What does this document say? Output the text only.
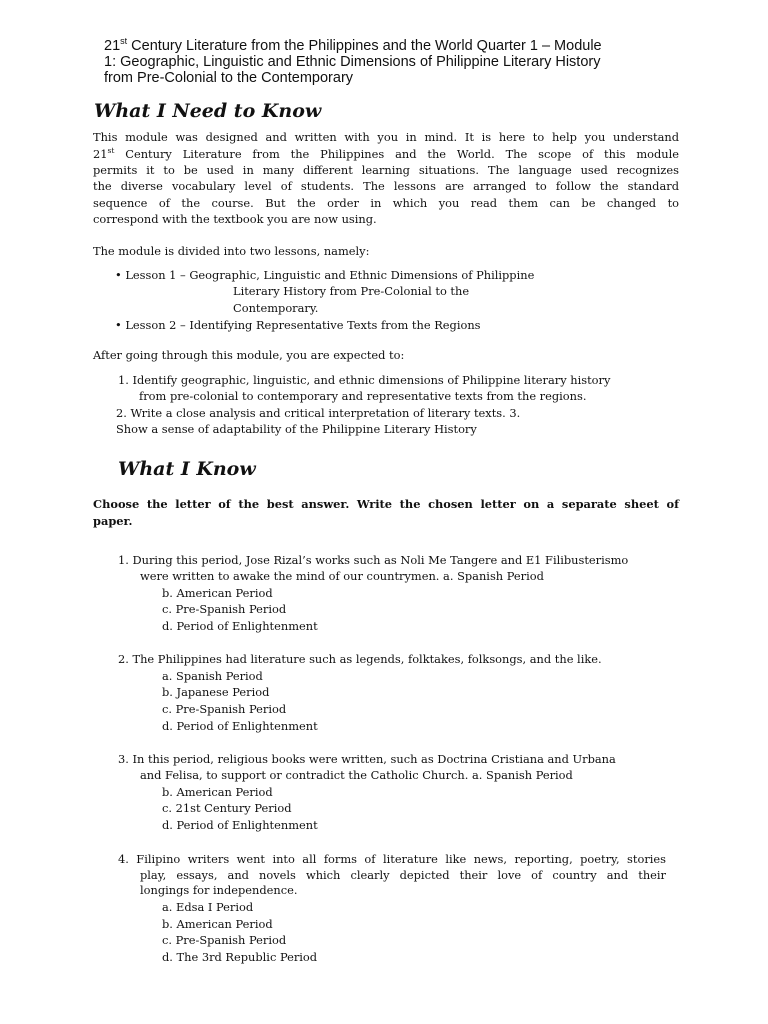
21st Century Literature from the Philippines and the World Quarter 1 – Module
1: Geographic, Linguistic and Ethnic Dimensions of Philippine Literary History
from Pre-Colonial to the Contemporary
What I Need to Know
This module was designed and written with you in mind. It is here to help you understand
21st Century Literature from the Philippines and the World. The scope of this module
permits it to be used in many different learning situations. The language used recognizes
the diverse vocabulary level of students. The lessons are arranged to follow the standard
sequence of the course. But the order in which you read them can be changed to
correspond with the textbook you are now using.
The module is divided into two lessons, namely:
• Lesson 1 – Geographic, Linguistic and Ethnic Dimensions of Philippine
Literary History from Pre-Colonial to the
Contemporary.
• Lesson 2 – Identifying Representative Texts from the Regions
After going through this module, you are expected to:
1. Identify geographic, linguistic, and ethnic dimensions of Philippine literary history
from pre-colonial to contemporary and representative texts from the regions.
2. Write a close analysis and critical interpretation of literary texts. 3.
Show a sense of adaptability of the Philippine Literary History
What I Know
Choose the letter of the best answer. Write the chosen letter on a separate sheet of
paper.
1. During this period, Jose Rizal’s works such as Noli Me Tangere and E1 Filibusterismo
were written to awake the mind of our countrymen. a. Spanish Period
b. American Period
c. Pre-Spanish Period
d. Period of Enlightenment
2. The Philippines had literature such as legends, folktakes, folksongs, and the like.
a. Spanish Period
b. Japanese Period
c. Pre-Spanish Period
d. Period of Enlightenment
3. In this period, religious books were written, such as Doctrina Cristiana and Urbana
and Felisa, to support or contradict the Catholic Church. a. Spanish Period
b. American Period
c. 21st Century Period
d. Period of Enlightenment
4. Filipino writers went into all forms of literature like news, reporting, poetry, stories
play, essays, and novels which clearly depicted their love of country and their
longings for independence.
a. Edsa I Period
b. American Period
c. Pre-Spanish Period
d. The 3rd Republic Period
